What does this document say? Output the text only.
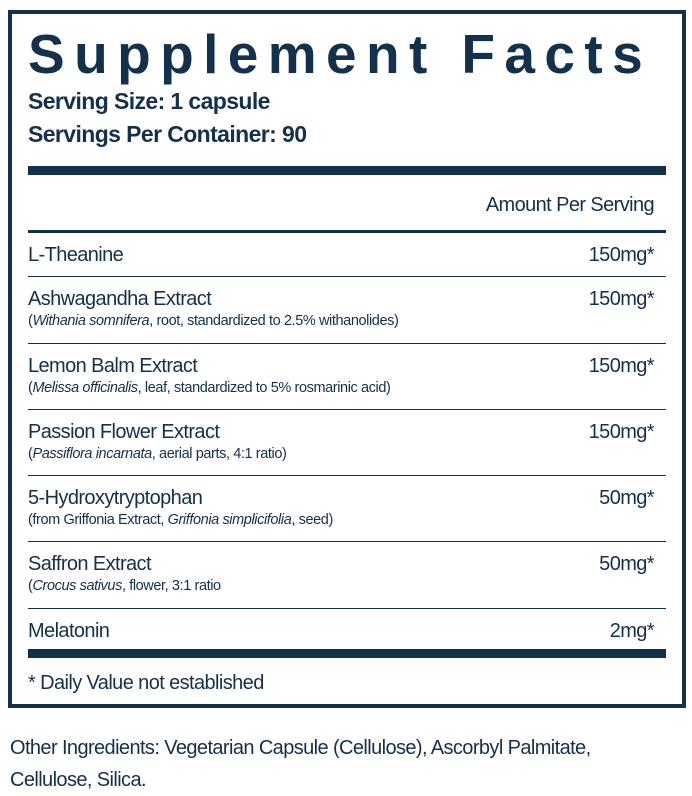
Supplement Facts
Serving Size: 1 capsule
Servings Per Container: 90
Amount Per Serving
L-Theanine	150mg*
Ashwagandha Extract
(Withania somnifera, root, standardized to 2.5% withanolides)
150mg*
Lemon Balm Extract
(Melissa officinalis, leaf, standardized to 5% rosmarinic acid)
150mg*
Passion Flower Extract
(Passiflora incarnata, aerial parts, 4:1 ratio)
150mg*
5-Hydroxytryptophan
(from Griffonia Extract, Griffonia simplicifolia, seed)
50mg*
Saffron Extract
(Crocus sativus, flower, 3:1 ratio
50mg*
Melatonin	2mg*
* Daily Value not established
Other Ingredients: Vegetarian Capsule (Cellulose), Ascorbyl Palmitate, Cellulose, Silica.
